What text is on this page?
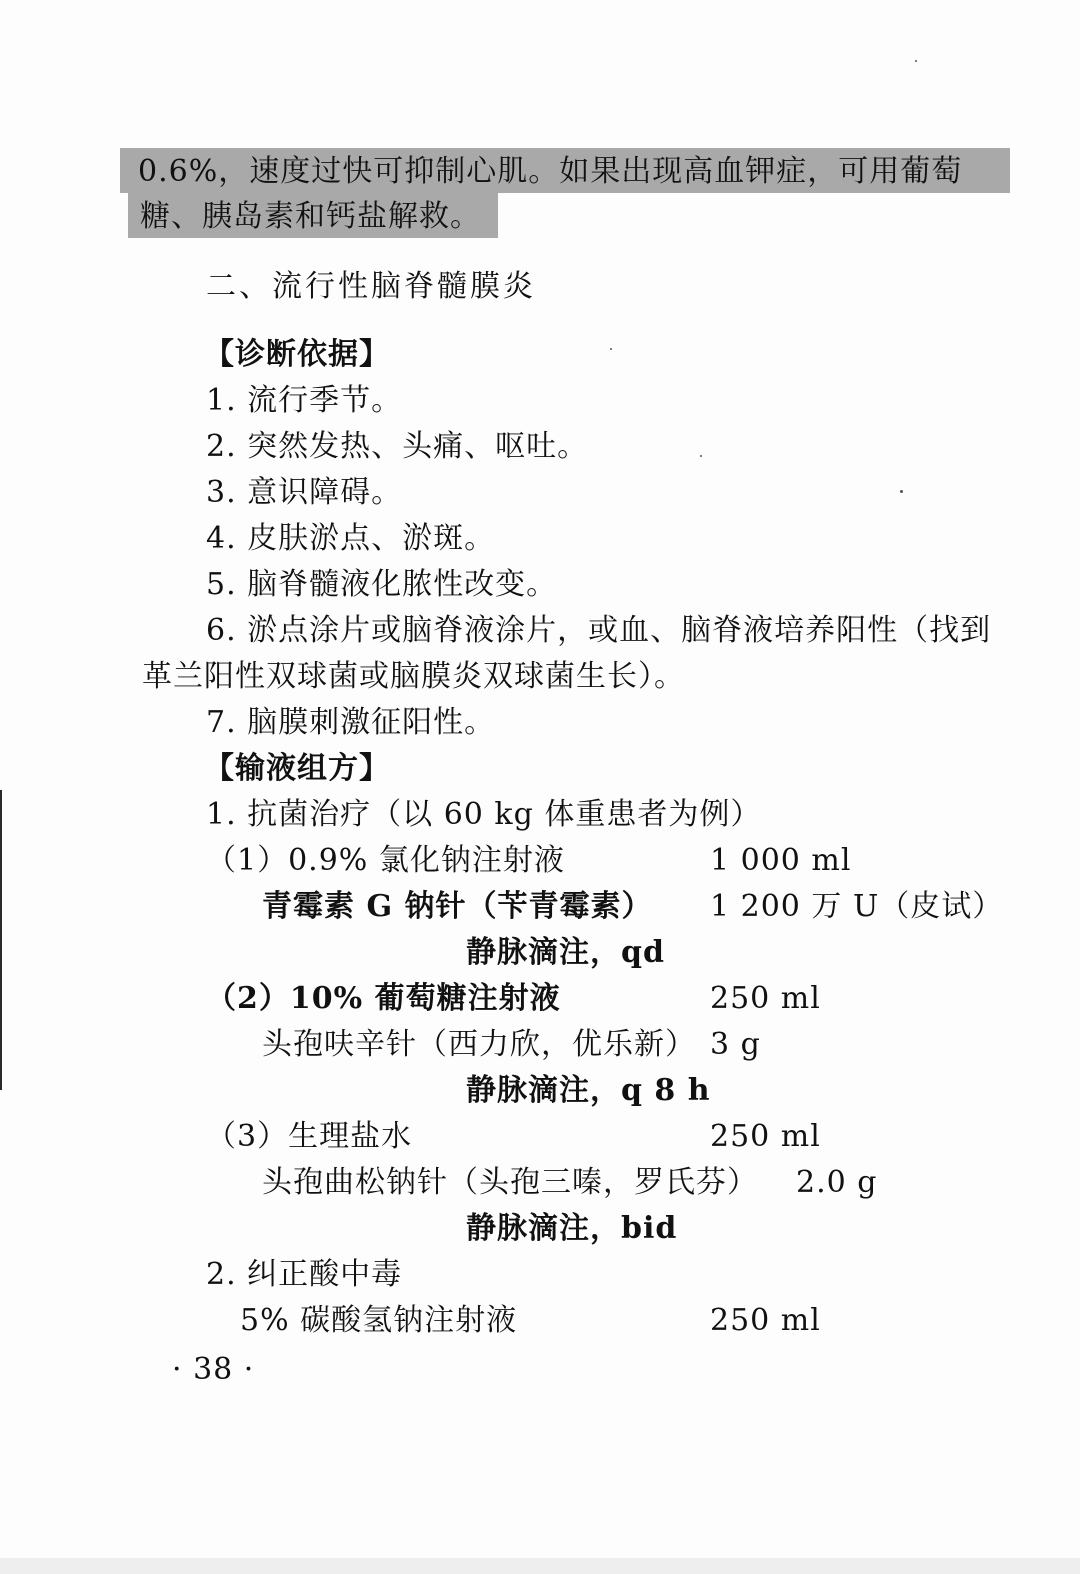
0.6%，速度过快可抑制心肌。如果出现高血钾症，可用葡萄
糖、胰岛素和钙盐解救。
二、流行性脑脊髓膜炎
【诊断依据】
1. 流行季节。
2. 突然发热、头痛、呕吐。
3. 意识障碍。
4. 皮肤淤点、淤斑。
5. 脑脊髓液化脓性改变。
6. 淤点涂片或脑脊液涂片，或血、脑脊液培养阳性（找到
革兰阳性双球菌或脑膜炎双球菌生长）。
7. 脑膜刺激征阳性。
【输液组方】
1. 抗菌治疗（以 60 kg 体重患者为例）
（1）0.9% 氯化钠注射液	1 000 ml
青霉素 G 钠针（苄青霉素） 1 200 万 U（皮试）
静脉滴注，qd
（2）10% 葡萄糖注射液	250 ml
头孢呋辛针（西力欣，优乐新） 3 g
静脉滴注，q 8 h
（3）生理盐水	250 ml
头孢曲松钠针（头孢三嗪，罗氏芬） 2.0 g
静脉滴注，bid
2. 纠正酸中毒
5% 碳酸氢钠注射液	250 ml
· 38 ·
